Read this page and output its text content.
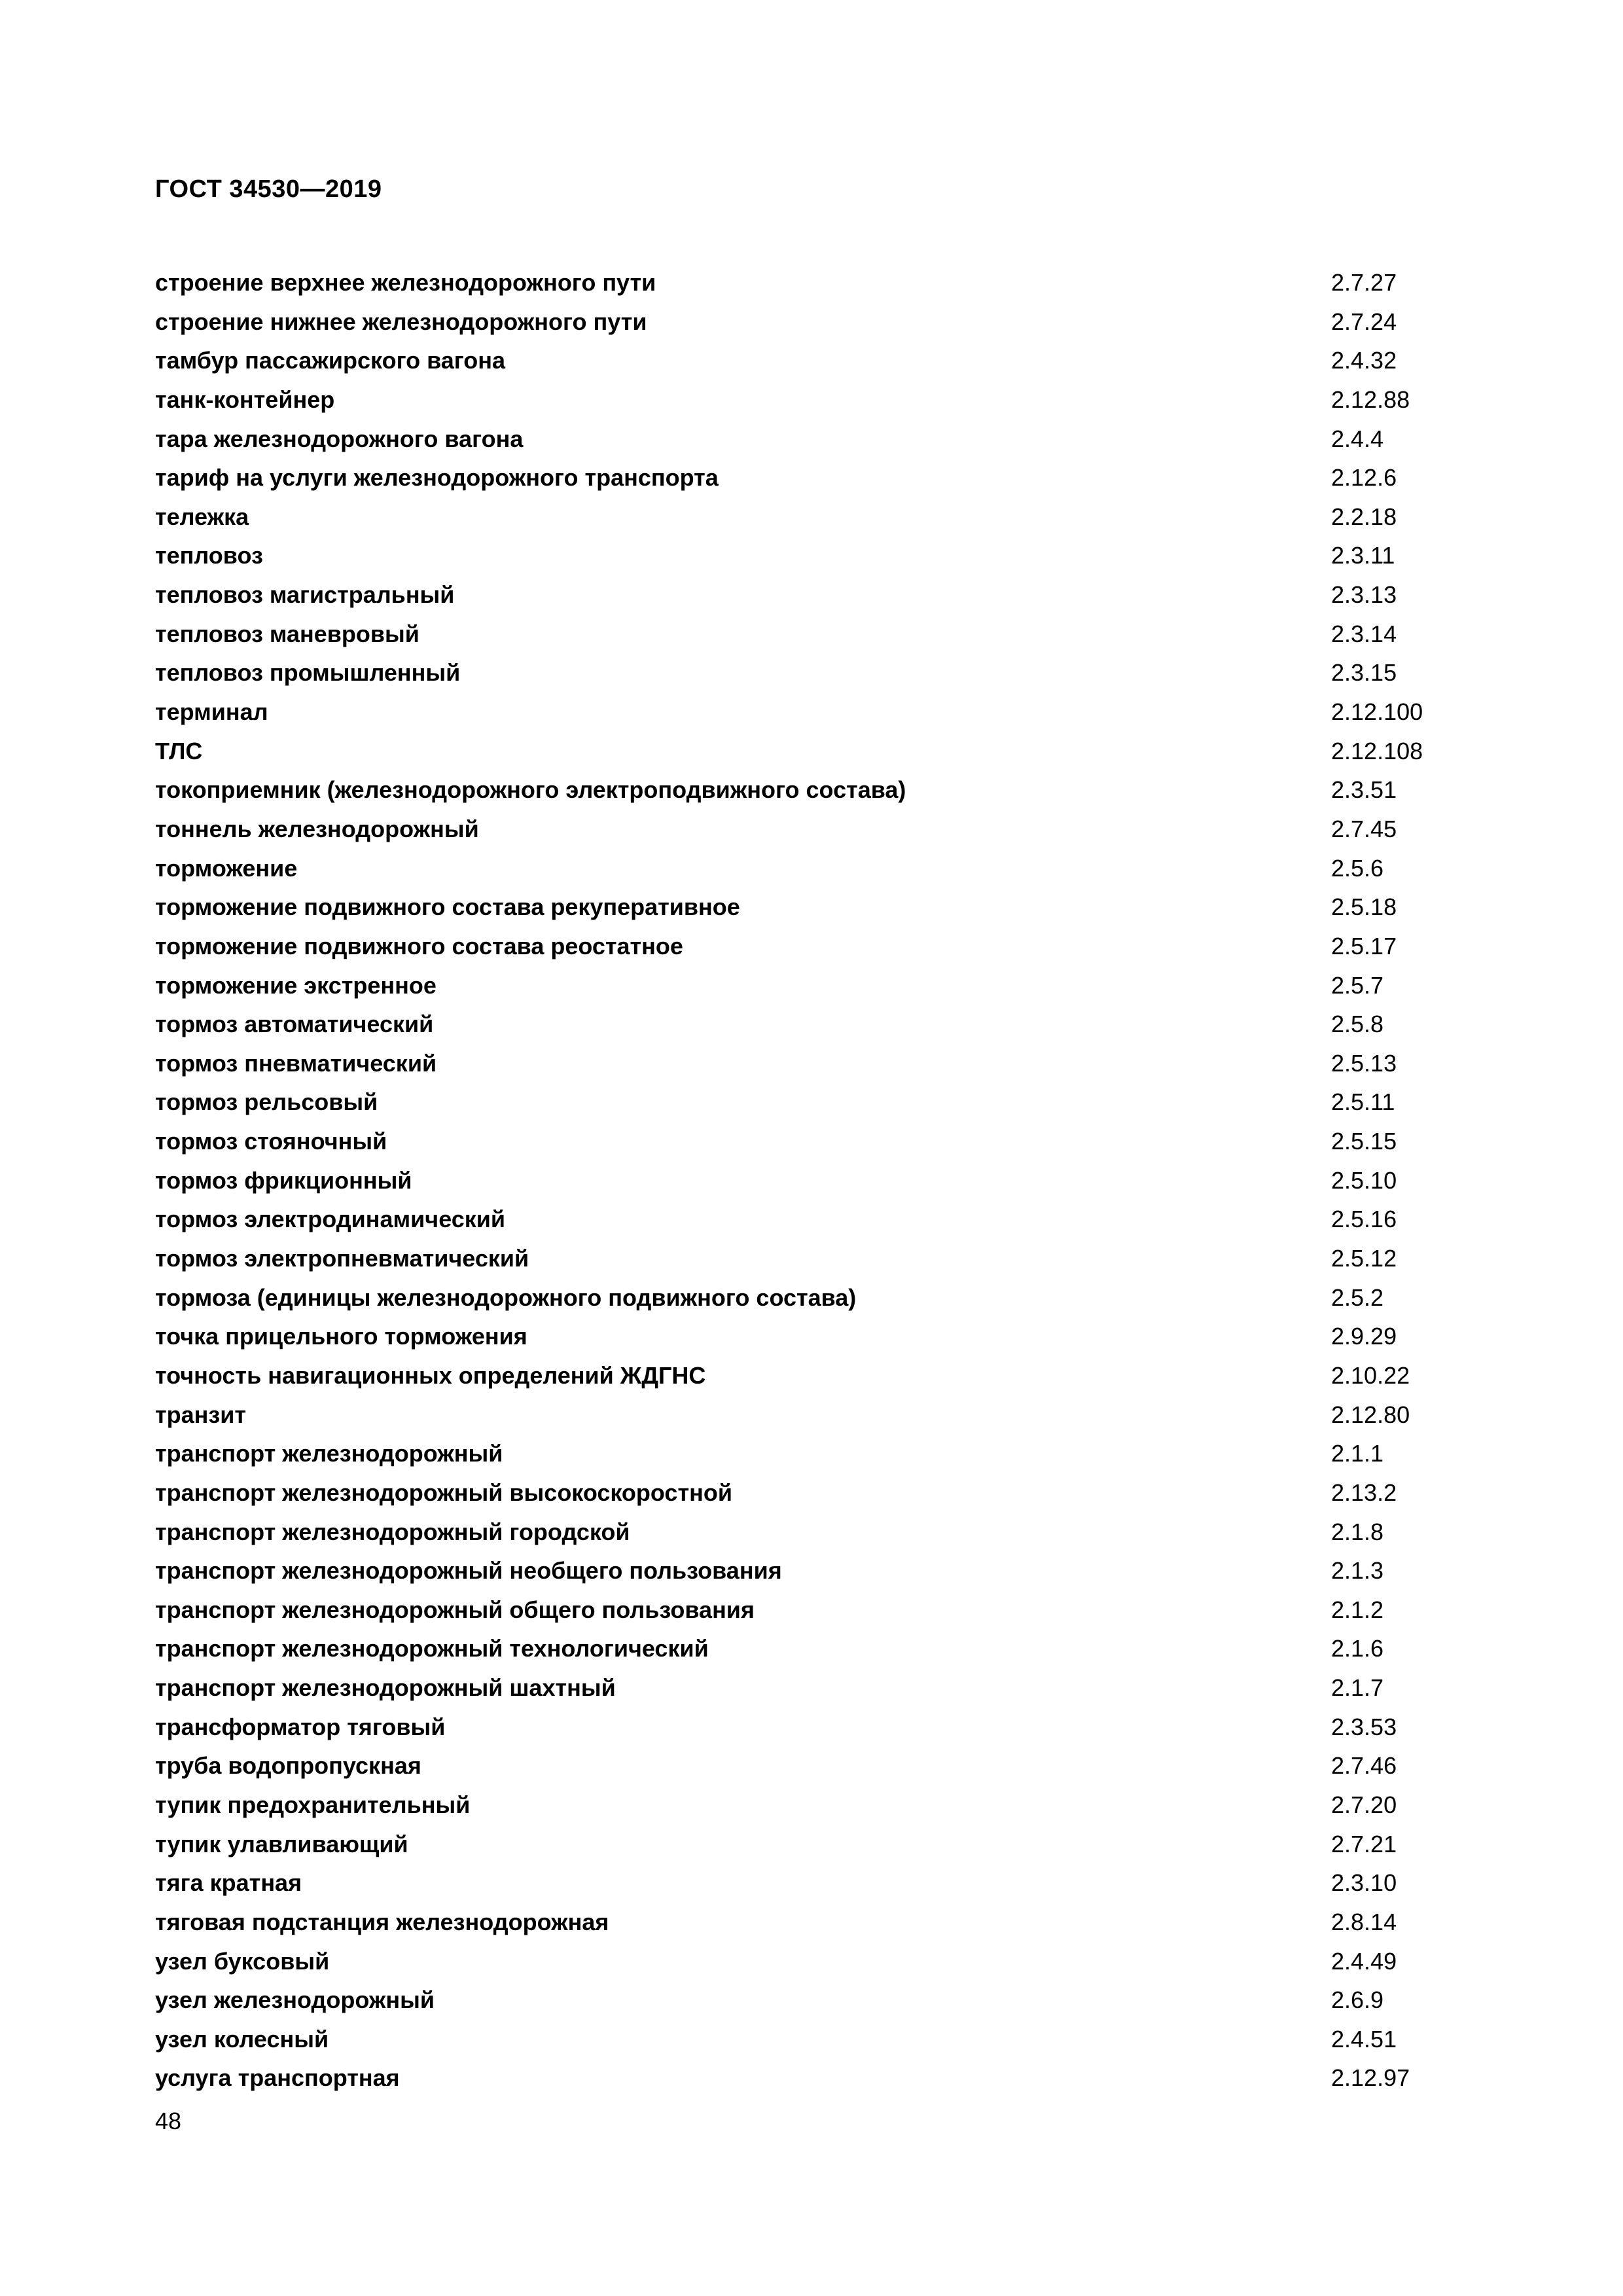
ГОСТ 34530—2019
строение верхнее железнодорожного пути	2.7.27
строение нижнее железнодорожного пути	2.7.24
тамбур пассажирского вагона	2.4.32
танк-контейнер	2.12.88
тара железнодорожного вагона	2.4.4
тариф на услуги железнодорожного транспорта	2.12.6
тележка	2.2.18
тепловоз	2.3.11
тепловоз магистральный	2.3.13
тепловоз маневровый	2.3.14
тепловоз промышленный	2.3.15
терминал	2.12.100
ТЛС	2.12.108
токоприемник (железнодорожного электроподвижного состава)	2.3.51
тоннель железнодорожный	2.7.45
торможение	2.5.6
торможение подвижного состава рекуперативное	2.5.18
торможение подвижного состава реостатное	2.5.17
торможение экстренное	2.5.7
тормоз автоматический	2.5.8
тормоз пневматический	2.5.13
тормоз рельсовый	2.5.11
тормоз стояночный	2.5.15
тормоз фрикционный	2.5.10
тормоз электродинамический	2.5.16
тормоз электропневматический	2.5.12
тормоза (единицы железнодорожного подвижного состава)	2.5.2
точка прицельного торможения	2.9.29
точность навигационных определений ЖДГНС	2.10.22
транзит	2.12.80
транспорт железнодорожный	2.1.1
транспорт железнодорожный высокоскоростной	2.13.2
транспорт железнодорожный городской	2.1.8
транспорт железнодорожный необщего пользования	2.1.3
транспорт железнодорожный общего пользования	2.1.2
транспорт железнодорожный технологический	2.1.6
транспорт железнодорожный шахтный	2.1.7
трансформатор тяговый	2.3.53
труба водопропускная	2.7.46
тупик предохранительный	2.7.20
тупик улавливающий	2.7.21
тяга кратная	2.3.10
тяговая подстанция железнодорожная	2.8.14
узел буксовый	2.4.49
узел железнодорожный	2.6.9
узел колесный	2.4.51
услуга транспортная	2.12.97
48
